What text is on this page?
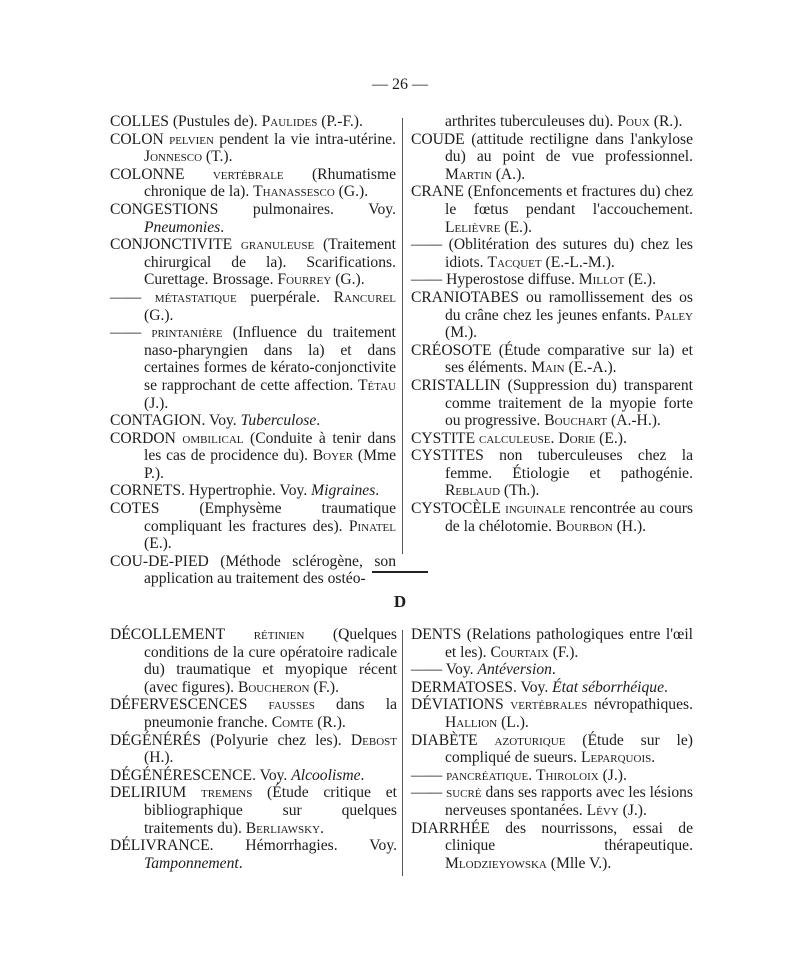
— 26 —

COLLES (Pustules de). Paulides (P.-F.).

COLON pelvien pendent la vie intra-utérine. Jonnesco (T.).

COLONNE vertébrale (Rhumatisme chronique de la). Thanassesco (G.).

CONGESTIONS pulmonaires. Voy. Pneumonies.

CONJONCTIVITE granuleuse (Traitement chirurgical de la). Scarifications. Curettage. Brossage. Fourrey (G.).

—— métastatique puerpérale. Rancurel (G.).

—— printanière (Influence du traitement naso-pharyngien dans la) et dans certaines formes de kérato-conjonctivite se rapprochant de cette affection. Tétau (J.).

CONTAGION. Voy. Tuberculose.

CORDON ombilical (Conduite à tenir dans les cas de procidence du). Boyer (Mme P.).

CORNETS. Hypertrophie. Voy. Migraines.

COTES (Emphysème traumatique compliquant les fractures des). Pinatel (E.).

COU-DE-PIED (Méthode sclérogène, son application au traitement des ostéo-

arthrites tuberculeuses du). Poux (R.).

COUDE (attitude rectiligne dans l'ankylose du) au point de vue professionnel. Martin (A.).

CRANE (Enfoncements et fractures du) chez le fœtus pendant l'accouchement. Lelièvre (E.).

—— (Oblitération des sutures du) chez les idiots. Tacquet (E.-L.-M.).

—— Hyperostose diffuse. Millot (E.).

CRANIOTABES ou ramollissement des os du crâne chez les jeunes enfants. Paley (M.).

CRÉOSOTE (Étude comparative sur la) et ses éléments. Main (E.-A.).

CRISTALLIN (Suppression du) transparent comme traitement de la myopie forte ou progressive. Bouchart (A.-H.).

CYSTITE calculeuse. Dorie (E.).

CYSTITES non tuberculeuses chez la femme. Étiologie et pathogénie. Reblaud (Th.).

CYSTOCÈLE inguinale rencontrée au cours de la chélotomie. Bourbon (H.).

D

DÉCOLLEMENT rétinien (Quelques conditions de la cure opératoire radicale du) traumatique et myopique récent (avec figures). Boucheron (F.).

DÉFERVESCENCES fausses dans la pneumonie franche. Comte (R.).

DÉGÉNÉRÉS (Polyurie chez les). Debost (H.).

DÉGÉNÉRESCENCE. Voy. Alcoolisme.

DELIRIUM tremens (Étude critique et bibliographique sur quelques traitements du). Berliawsky.

DÉLIVRANCE. Hémorrhagies. Voy. Tamponnement.

DENTS (Relations pathologiques entre l'œil et les). Courtaix (F.).

—— Voy. Antéversion.

DERMATOSES. Voy. État séborrhéique.

DÉVIATIONS vertébrales névropathiques. Hallion (L.).

DIABÈTE azoturique (Étude sur le) compliqué de sueurs. Leparquois.

—— pancréatique. Thiroloix (J.).

—— sucré dans ses rapports avec les lésions nerveuses spontanées. Lévy (J.).

DIARRHÉE des nourrissons, essai de clinique thérapeutique. Mlodzieyowska (Mlle V.).
